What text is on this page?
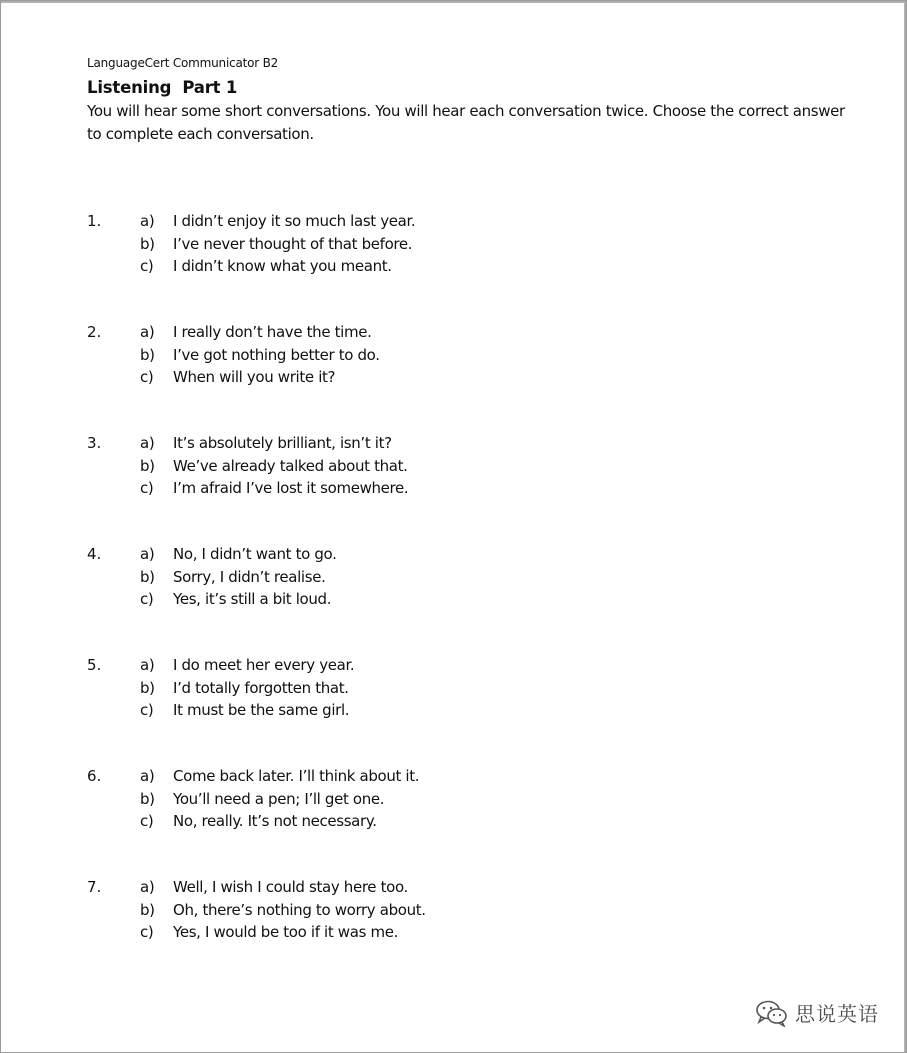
LanguageCert Communicator B2
Listening  Part 1
You will hear some short conversations. You will hear each conversation twice. Choose the correct answer to complete each conversation.
1.	a)	I didn’t enjoy it so much last year.
b)	I’ve never thought of that before.
c)	I didn’t know what you meant.
2.	a)	I really don’t have the time.
b)	I’ve got nothing better to do.
c)	When will you write it?
3.	a)	It’s absolutely brilliant, isn’t it?
b)	We’ve already talked about that.
c)	I’m afraid I’ve lost it somewhere.
4.	a)	No, I didn’t want to go.
b)	Sorry, I didn’t realise.
c)	Yes, it’s still a bit loud.
5.	a)	I do meet her every year.
b)	I’d totally forgotten that.
c)	It must be the same girl.
6.	a)	Come back later. I’ll think about it.
b)	You’ll need a pen; I’ll get one.
c)	No, really. It’s not necessary.
7.	a)	Well, I wish I could stay here too.
b)	Oh, there’s nothing to worry about.
c)	Yes, I would be too if it was me.
思说英语
